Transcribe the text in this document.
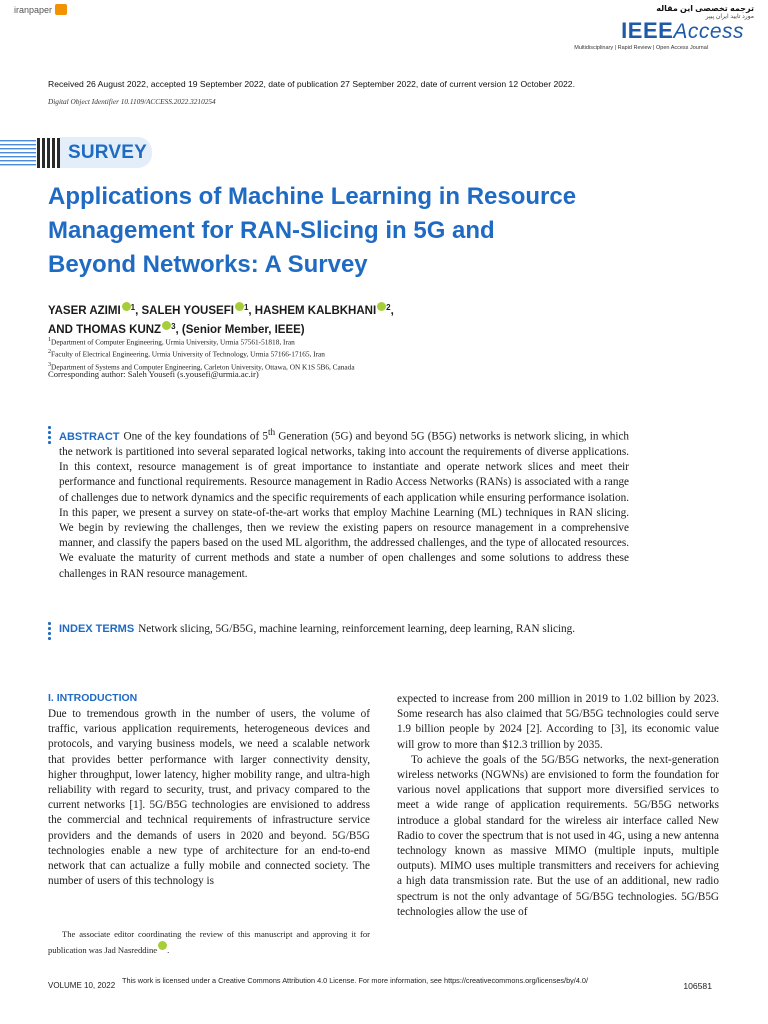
iranpaper	ترجمه تخصصی این مقاله
مورد تایید ایران پیپر
IEEEAccess
Multidisciplinary | Rapid Review | Open Access Journal
Received 26 August 2022, accepted 19 September 2022, date of publication 27 September 2022, date of current version 12 October 2022.
Digital Object Identifier 10.1109/ACCESS.2022.3210254
SURVEY
Applications of Machine Learning in Resource
Management for RAN-Slicing in 5G and
Beyond Networks: A Survey
YASER AZIMI $^1$, SALEH YOUSEFI $^1$, HASHEM KALBKHANI $^2$,
AND THOMAS KUNZ $^3$, (Senior Member, IEEE)
$^1$Department of Computer Engineering, Urmia University, Urmia 57561-51818, Iran
$^2$Faculty of Electrical Engineering, Urmia University of Technology, Urmia 57166-17165, Iran
$^3$Department of Systems and Computer Engineering, Carleton University, Ottawa, ON K1S 5B6, Canada
Corresponding author: Saleh Yousefi (s.yousefi@urmia.ac.ir)
ABSTRACT One of the key foundations of 5th Generation (5G) and beyond 5G (B5G) networks is network slicing, in which the network is partitioned into several separated logical networks, taking into account the requirements of diverse applications. In this context, resource management is of great importance to instantiate and operate network slices and meet their performance and functional requirements. Resource management in Radio Access Networks (RANs) is associated with a range of challenges due to network dynamics and the specific requirements of each application while ensuring performance isolation. In this paper, we present a survey on state-of-the-art works that employ Machine Learning (ML) techniques in RAN slicing. We begin by reviewing the challenges, then we review the existing papers on resource management in a comprehensive manner, and classify the papers based on the used ML algorithm, the addressed challenges, and the type of allocated resources. We evaluate the maturity of current methods and state a number of open challenges and some solutions to address these challenges in RAN resource management.
INDEX TERMS Network slicing, 5G/B5G, machine learning, reinforcement learning, deep learning, RAN slicing.
I. INTRODUCTION
Due to tremendous growth in the number of users, the volume of traffic, various application requirements, heterogeneous devices and protocols, and varying business models, we need a scalable network that provides better performance with larger connectivity density, higher throughput, lower latency, higher mobility range, and ultra-high reliability with regard to security, trust, and privacy compared to the current networks [1]. 5G/B5G technologies are envisioned to address the commercial and technical requirements of infrastructure service providers and the demands of users in 2020 and beyond. 5G/B5G technologies enable a new type of architecture for an end-to-end network that can actualize a fully mobile and connected society. The number of users of this technology is
expected to increase from 200 million in 2019 to 1.02 billion by 2023. Some research has also claimed that 5G/B5G technologies could serve 1.9 billion people by 2024 [2]. According to [3], its economic value will grow to more than $12.3 trillion by 2035.
To achieve the goals of the 5G/B5G networks, the next-generation wireless networks (NGWNs) are envisioned to form the foundation for various novel applications that support more diversified services to meet a wide range of application requirements. 5G/B5G networks introduce a global standard for the wireless air interface called New Radio to cover the spectrum that is not used in 4G, using a new antenna technology known as massive MIMO (multiple inputs, multiple outputs). MIMO uses multiple transmitters and receivers for achieving a high data transmission rate. But the use of an additional, new radio spectrum is not the only advantage of 5G/B5G technologies. 5G/B5G technologies allow the use of
The associate editor coordinating the review of this manuscript and approving it for publication was Jad Nasreddine .
VOLUME 10, 2022
This work is licensed under a Creative Commons Attribution 4.0 License. For more information, see https://creativecommons.org/licenses/by/4.0/
106581
